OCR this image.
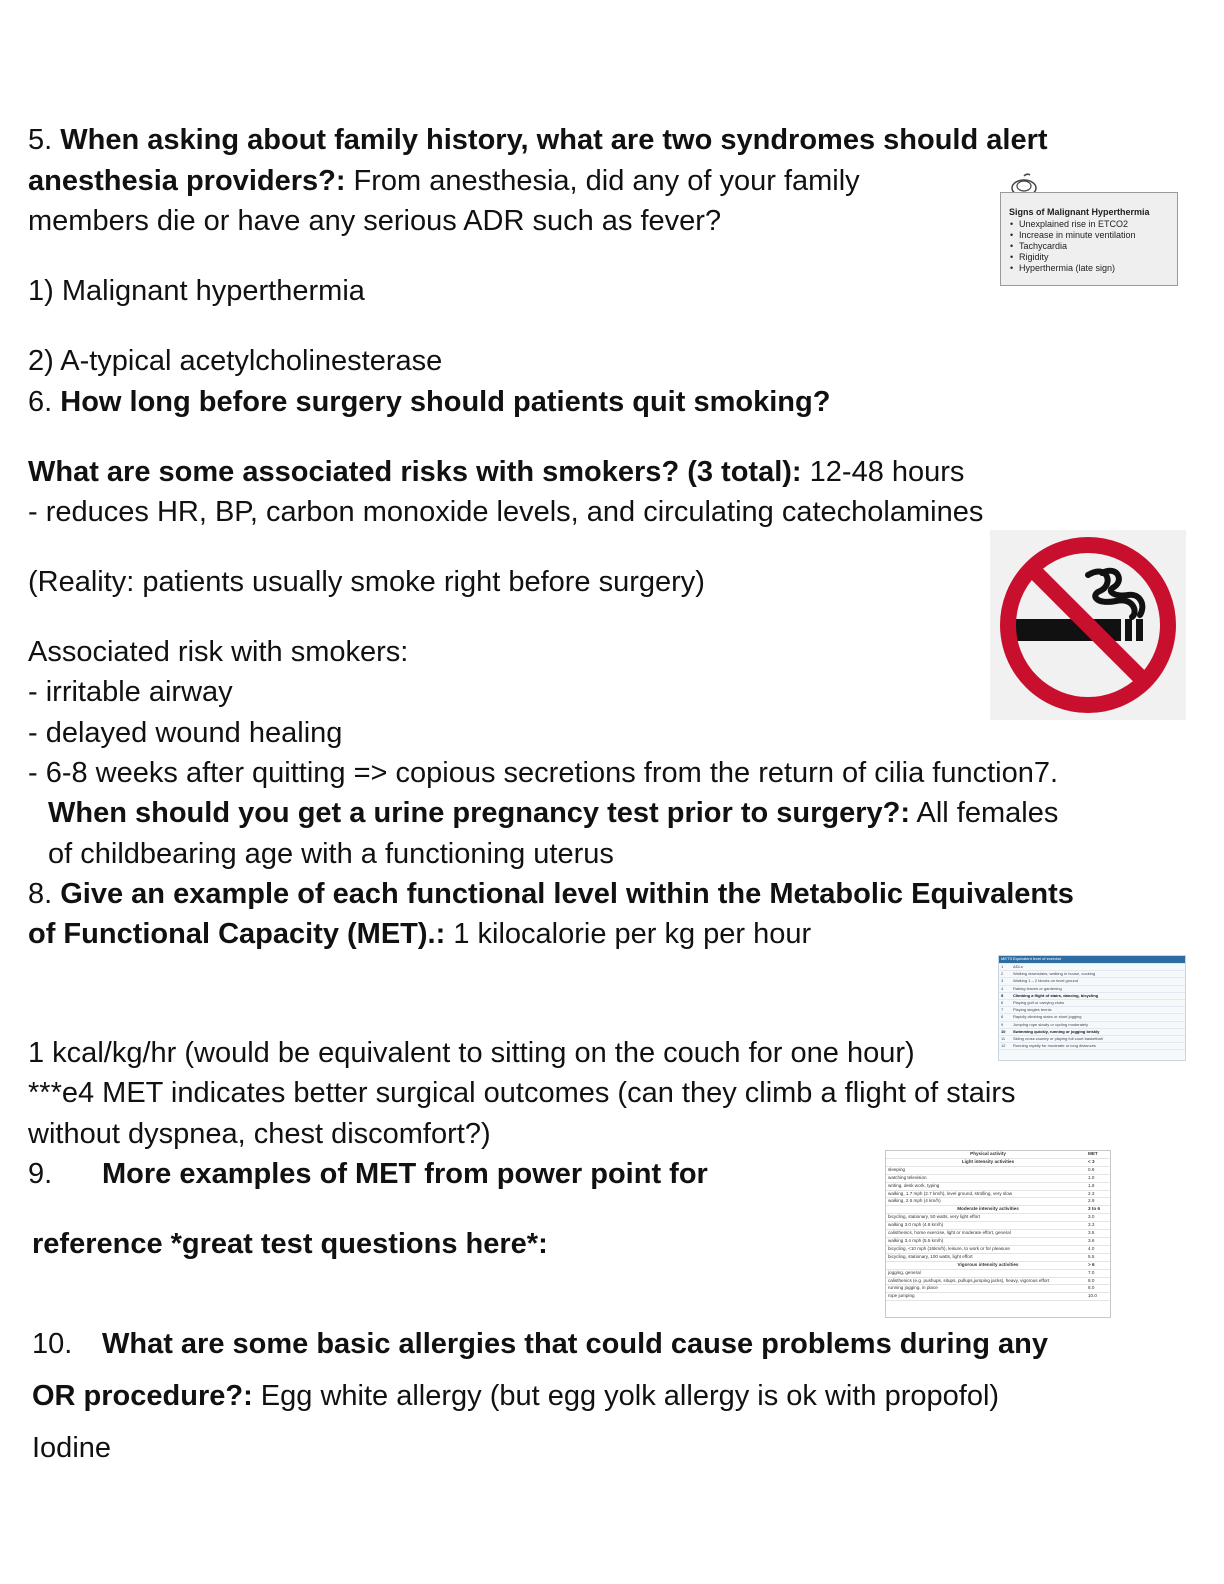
5. When asking about family history, what are two syndromes should alert
anesthesia providers?: From anesthesia, did any of your family
members die or have any serious ADR such as fever?
1) Malignant hyperthermia
2) A-typical acetylcholinesterase
Signs of Malignant Hyperthermia
• Unexplained rise in ETCO2
• Increase in minute ventilation
• Tachycardia
• Rigidity
• Hyperthermia (late sign)
6. How long before surgery should patients quit smoking?
What are some associated risks with smokers? (3 total): 12-48 hours
- reduces HR, BP, carbon monoxide levels, and circulating catecholamines
(Reality: patients usually smoke right before surgery)
Associated risk with smokers:
- irritable airway
- delayed wound healing
- 6-8 weeks after quitting => copious secretions from the return of cilia function7.
When should you get a urine pregnancy test prior to surgery?: All females
of childbearing age with a functioning uterus
8. Give an example of each functional level within the Metabolic Equivalents
of Functional Capacity (MET).: 1 kilocalorie per kg per hour
METS Equivalent level of exercise
1	ADLs
2	Walking downstairs, walking in house, cooking
3	Walking 1 – 2 blocks on level ground
4	Raking leaves or gardening
5	Climbing a flight of stairs, dancing, bicycling
6	Playing golf or carrying clubs
7	Playing singles tennis
8	Rapidly climbing stairs or short jogging
9	Jumping rope slowly or cycling moderately
10	Swimming quickly, running or jogging briskly
11	Skiing cross country or playing full court basketball
12	Running rapidly for moderate or long distances
1 kcal/kg/hr (would be equivalent to sitting on the couch for one hour)
***e4 MET indicates better surgical outcomes (can they climb a flight of stairs
without dyspnea, chest discomfort?)
9. More examples of MET from power point for
reference *great test questions here*:
Physical activity	MET
Light intensity activities	< 3
sleeping	0.9
watching television	1.0
writing, desk work, typing	1.8
walking, 1.7 mph (2.7 km/h), level ground, strolling, very slow	2.3
walking, 2.5 mph (4 km/h)	2.9
Moderate intensity activities	3 to 6
bicycling, stationary, 50 watts, very light effort	3.0
walking 3.0 mph (4.8 km/h)	3.3
calisthenics, home exercise, light or moderate effort, general	3.5
walking 3.4 mph (5.5 km/h)	3.6
bicycling, <10 mph (16km/h), leisure, to work or for pleasure	4.0
bicycling, stationary, 100 watts, light effort	5.5
Vigorous intensity activities	> 6
jogging, general	7.0
calisthenics (e.g. pushups, situps, pullups,jumping jacks), heavy, vigorous effort	8.0
running jogging, in place	8.0
rope jumping	10.0
10. What are some basic allergies that could cause problems during any
OR procedure?: Egg white allergy (but egg yolk allergy is ok with propofol)
Iodine
